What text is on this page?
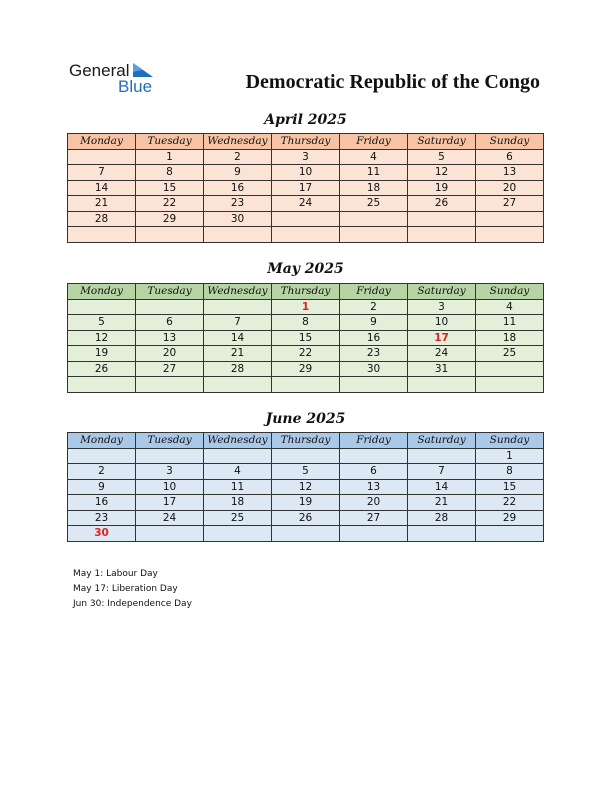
General
Blue	Democratic Republic of the Congo
April 2025
Monday	Tuesday	Wednesday	Thursday	Friday	Saturday	Sunday
	1	2	3	4	5	6
7	8	9	10	11	12	13
14	15	16	17	18	19	20
21	22	23	24	25	26	27
28	29	30				

May 2025
Monday	Tuesday	Wednesday	Thursday	Friday	Saturday	Sunday
			1	2	3	4
5	6	7	8	9	10	11
12	13	14	15	16	17	18
19	20	21	22	23	24	25
26	27	28	29	30	31	

June 2025
Monday	Tuesday	Wednesday	Thursday	Friday	Saturday	Sunday
						1
2	3	4	5	6	7	8
9	10	11	12	13	14	15
16	17	18	19	20	21	22
23	24	25	26	27	28	29
30						
May 1: Labour Day
May 17: Liberation Day
Jun 30: Independence Day
